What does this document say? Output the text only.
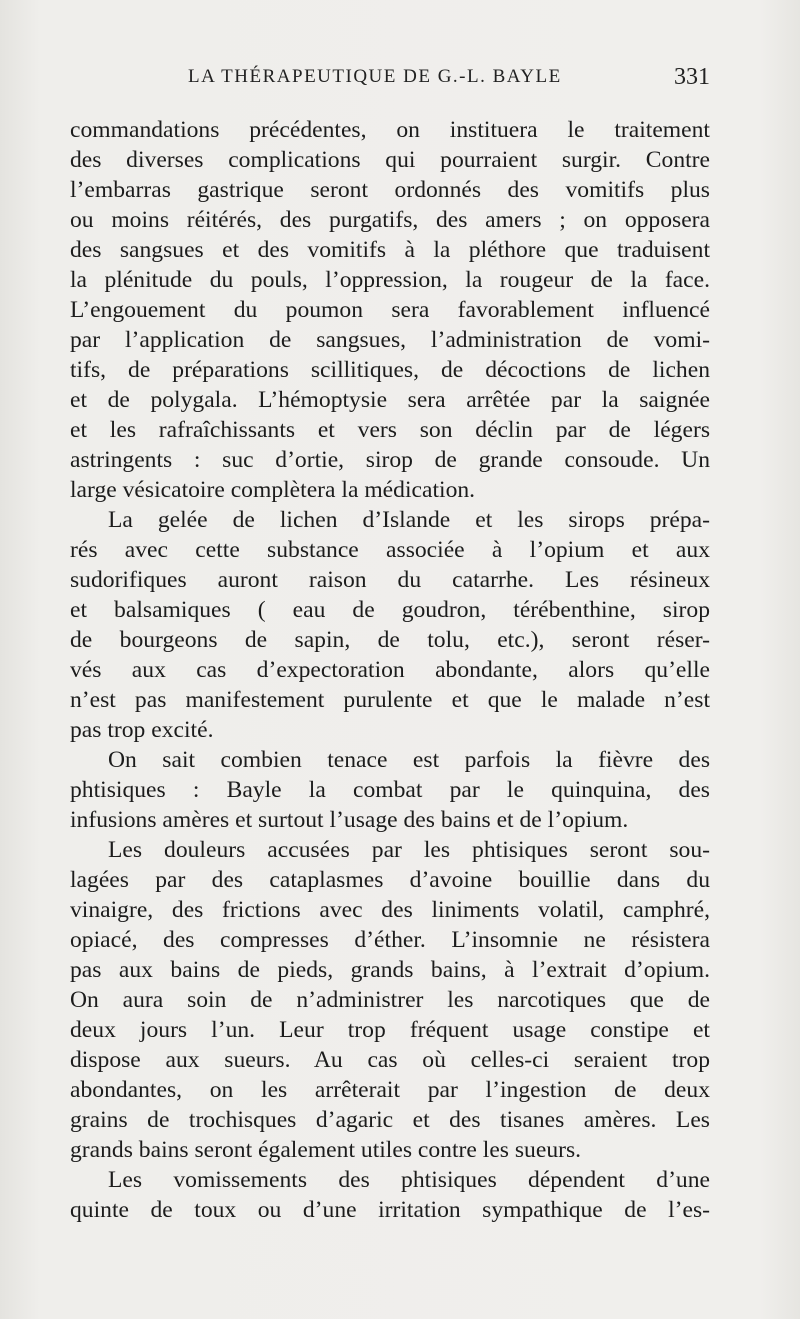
LA THÉRAPEUTIQUE DE G.-L. BAYLE	331
commandations précédentes, on instituera le traitement
des diverses complications qui pourraient surgir. Contre
l’embarras gastrique seront ordonnés des vomitifs plus
ou moins réitérés, des purgatifs, des amers ; on opposera
des sangsues et des vomitifs à la pléthore que traduisent
la plénitude du pouls, l’oppression, la rougeur de la face.
L’engouement du poumon sera favorablement influencé
par l’application de sangsues, l’administration de vomi-
tifs, de préparations scillitiques, de décoctions de lichen
et de polygala. L’hémoptysie sera arrêtée par la saignée
et les rafraîchissants et vers son déclin par de légers
astringents : suc d’ortie, sirop de grande consoude. Un
large vésicatoire complètera la médication.
La gelée de lichen d’Islande et les sirops prépa-
rés avec cette substance associée à l’opium et aux
sudorifiques auront raison du catarrhe. Les résineux
et balsamiques ( eau de goudron, térébenthine, sirop
de bourgeons de sapin, de tolu, etc.), seront réser-
vés aux cas d’expectoration abondante, alors qu’elle
n’est pas manifestement purulente et que le malade n’est
pas trop excité.
On sait combien tenace est parfois la fièvre des
phtisiques : Bayle la combat par le quinquina, des
infusions amères et surtout l’usage des bains et de l’opium.
Les douleurs accusées par les phtisiques seront sou-
lagées par des cataplasmes d’avoine bouillie dans du
vinaigre, des frictions avec des liniments volatil, camphré,
opiacé, des compresses d’éther. L’insomnie ne résistera
pas aux bains de pieds, grands bains, à l’extrait d’opium.
On aura soin de n’administrer les narcotiques que de
deux jours l’un. Leur trop fréquent usage constipe et
dispose aux sueurs. Au cas où celles-ci seraient trop
abondantes, on les arrêterait par l’ingestion de deux
grains de trochisques d’agaric et des tisanes amères. Les
grands bains seront également utiles contre les sueurs.
Les vomissements des phtisiques dépendent d’une
quinte de toux ou d’une irritation sympathique de l’es-
